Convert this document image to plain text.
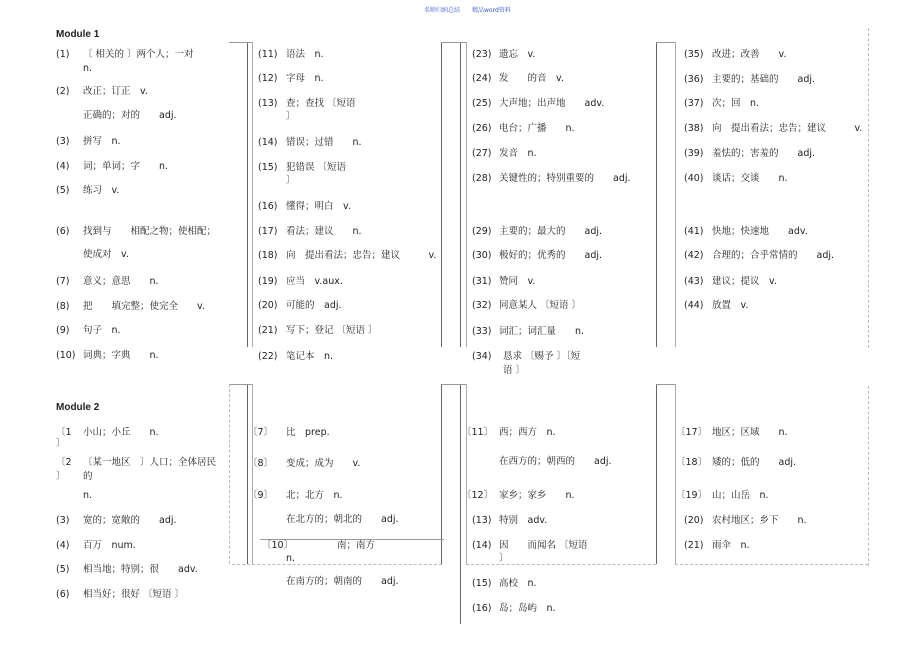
名师归纳总结　　精品word资料
Module 1
(1) 〔 相关的 〕两个人；一对
n.
(2) 改正；订正　v.
正确的；对的　　adj.
(3) 拼写　n.
(4) 词；单词；字　　n.
(5) 练习　v.
(6) 找到与　　相配之物；使相配；
使成对　v.
(7) 意义；意思　　n.
(8) 把　　填完整；使完全　　v.
(9) 句子　n.
(10) 词典；字典　　n.
(11) 语法　n.
(12) 字母　n.
(13) 查；查找 〔短语
〕
(14) 错误；过错　　n.
(15) 犯错误 〔短语
〕
(16) 懂得；明白　v.
(17) 看法；建议　　n.
(18) 向　提出看法；忠告；建议　　　v.
(19) 应当　v.aux.
(20) 可能的　adj.
(21) 写下；登记 〔短语 〕
(22) 笔记本　n.
(23) 遗忘　v.
(24) 发　　的音　v.
(25) 大声地；出声地　　adv.
(26) 电台；广播　　n.
(27) 发音　n.
(28) 关键性的；特别重要的　　adj.
(29) 主要的；最大的　　adj.
(30) 极好的；优秀的　　adj.
(31) 赞同　v.
(32) 同意某人 〔短语 〕
(33) 词汇；词汇量　　n.
(34) 恳求 〔赐予 〕〔短
语 〕
(35) 改进；改善　　v.
(36) 主要的；基础的　　adj.
(37) 次；回　n.
(38) 向　提出看法；忠告；建议　　　v.
(39) 羞怯的；害羞的　　adj.
(40) 谈话；交谈　　n.
(41) 快地；快速地　　adv.
(42) 合理的；合乎常情的　　adj.
(43) 建议；提议　v.
(44) 放置　v.
Module 2
〔1
〕
小山；小丘　　n.
〔2
〕
〔某一地区　〕人口；全体居民
的
n.
(3) 宽的；宽敞的　　adj.
(4) 百万　num.
(5) 相当地；特别；很　　adv.
(6) 相当好；很好 〔短语 〕
〔7〕 比　prep.
〔8〕 变成；成为　　v.
〔9〕 北；北方　n.
在北方的；朝北的　　adj.
〔10〕	南；南方
n.
在南方的；朝南的　　adj.
〔11〕 西；西方　n.
在西方的；朝西的　　adj.
〔12〕 家乡；家乡　　n.
(13) 特别　adv.
(14) 因　　而闻名 〔短语
〕
(15) 高校　n.
(16) 岛；岛屿　n.
〔17〕 地区；区域　　n.
〔18〕 矮的；低的　　adj.
〔19〕 山；山岳　n.
(20) 农村地区；乡下　　n.
(21) 雨伞　n.
